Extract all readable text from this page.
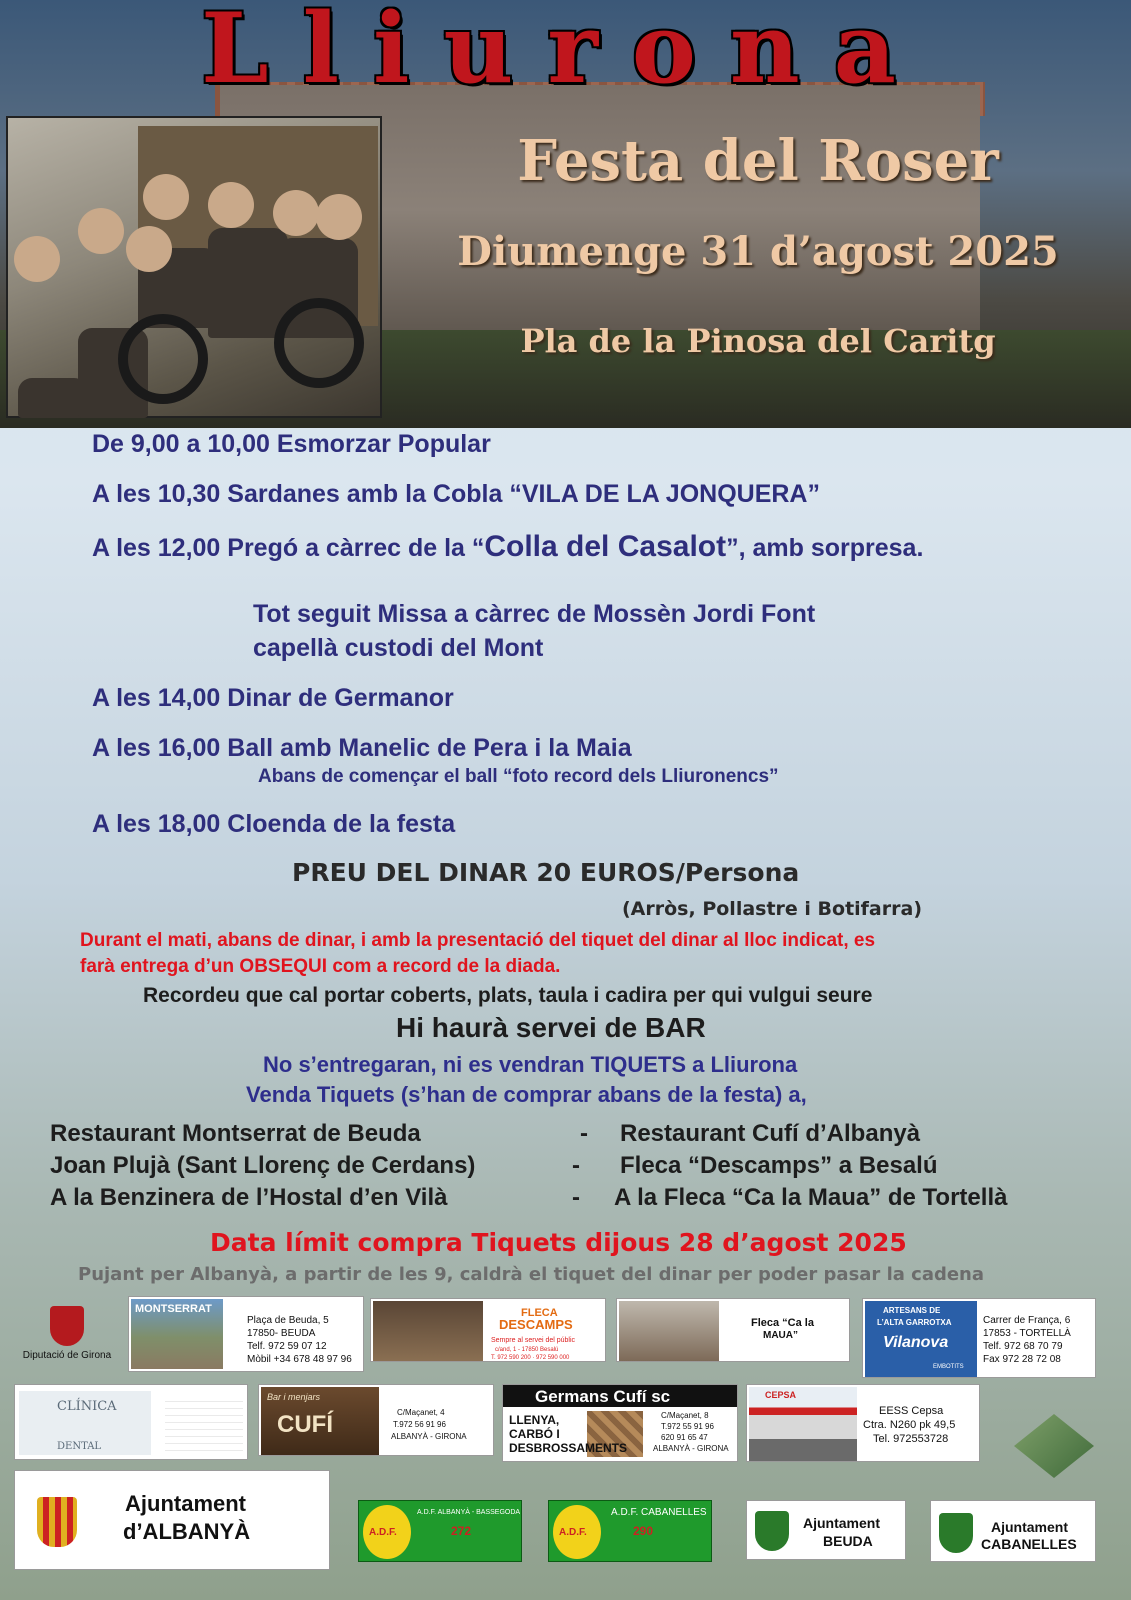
Lliurona
Festa del Roser
Diumenge 31 d’agost 2025
Pla de la Pinosa del Caritg
De 9,00 a 10,00 Esmorzar Popular
A les 10,30 Sardanes amb la Cobla “VILA DE LA JONQUERA”
A les 12,00 Pregó a càrrec de la “Colla del Casalot”, amb sorpresa.
Tot seguit Missa a càrrec de Mossèn Jordi Font
capellà custodi del Mont
A les 14,00 Dinar de Germanor
A les 16,00 Ball amb Manelic de Pera i la Maia
Abans de començar el ball “foto record dels Lliuronencs”
A les 18,00 Cloenda de la festa
PREU DEL DINAR 20 EUROS/Persona
(Arròs, Pollastre i Botifarra)
Durant el mati, abans de dinar, i amb la presentació del tiquet del dinar al lloc indicat, es
farà entrega d’un OBSEQUI com a record de la diada.
Recordeu que cal portar coberts, plats, taula i cadira per qui vulgui seure
Hi haurà servei de BAR
No s’entregaran, ni es vendran TIQUETS a Lliurona
Venda Tiquets (s’han de comprar abans de la festa) a,
Restaurant Montserrat de Beuda	- Restaurant Cufí d’Albanyà
Joan Plujà (Sant Llorenç de Cerdans)	- Fleca “Descamps” a Besalú
A la Benzinera de l’Hostal d’en Vilà	- A la Fleca “Ca la Maua” de Tortellà
Data límit compra Tiquets dijous 28 d’agost 2025
Pujant per Albanyà, a partir de les 9, caldrà el tiquet del dinar per poder pasar la cadena
Diputació de Girona
MONTSERRAT
Plaça de Beuda, 5
17850- BEUDA
Telf. 972 59 07 12
Mòbil +34 678 48 97 96
FLECA
DESCAMPS
Sempre al servei del públic
c/and, 1 - 17850 Besalú
T. 972 590 200 · 972 590 000
Fleca “Ca la
MAUA”
ARTESANS DE
L’ALTA GARROTXA
Vilanova
EMBOTITS
Carrer de França, 6
17853 - TORTELLÀ
Telf. 972 68 70 79
Fax 972 28 72 08
CLÍNICA
DENTAL
Bar i menjars
CUFÍ	C/Maçanet, 4
T.972 56 91 96
ALBANYÀ - GIRONA
Germans Cufí sc
LLENYA,
CARBÓ I
DESBROSSAMENTS
C/Maçanet, 8
T.972 55 91 96
620 91 65 47
ALBANYÀ - GIRONA
CEPSA
EESS Cepsa
Ctra. N260 pk 49,5
Tel. 972553728
Ajuntament
d’ALBANYÀ	A.D.F.
A.D.F. ALBANYÀ - BASSEGODA
272	A.D.F.
A.D.F. CABANELLES
290	Ajuntament
BEUDA
Ajuntament
CABANELLES
